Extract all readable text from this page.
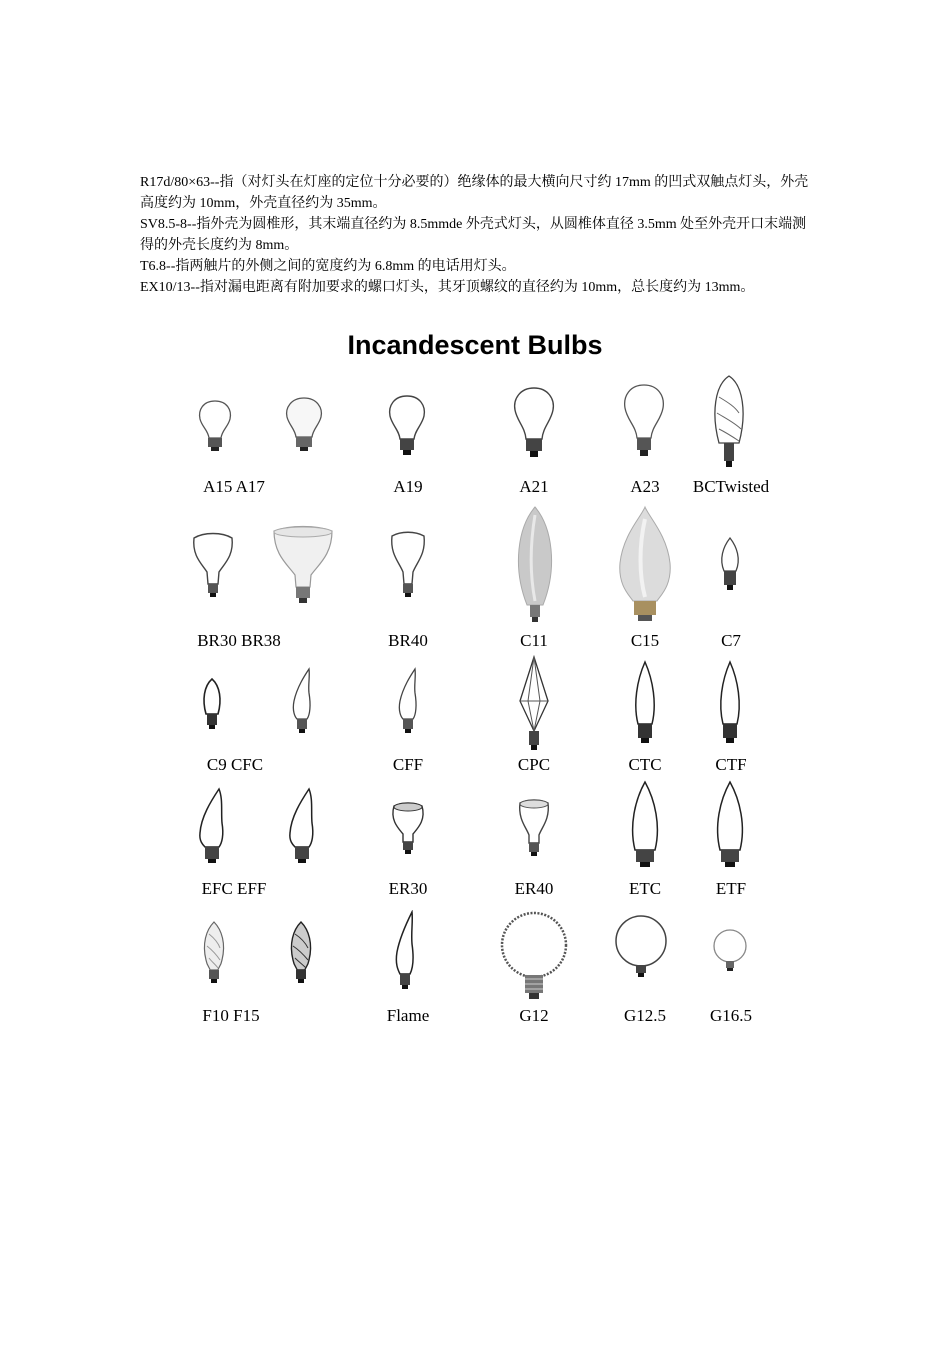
R17d/80×63--指（对灯头在灯座的定位十分必要的）绝缘体的最大横向尺寸约 17mm 的凹式双触点灯头，外壳高度约为 10mm，外壳直径约为 35mm。

SV8.5-8--指外壳为圆椎形，其末端直径约为 8.5mmde 外壳式灯头，从圆椎体直径 3.5mm 处至外壳开口末端测得的外壳长度约为 8mm。

T6.8--指两触片的外侧之间的宽度约为 6.8mm 的电话用灯头。

EX10/13--指对漏电距离有附加要求的螺口灯头，其牙顶螺纹的直径约为 10mm，总长度约为 13mm。

Incandescent Bulbs
A15 A17	A19	A21	A23 BCTwisted
BR30 BR38	BR40	C11	C15	C7
C9 CFC	CFF	CPC	CTC	CTF
EFC EFF	ER30	ER40	ETC	ETF
F10 F15	Flame	G12	G12.5	G16.5
